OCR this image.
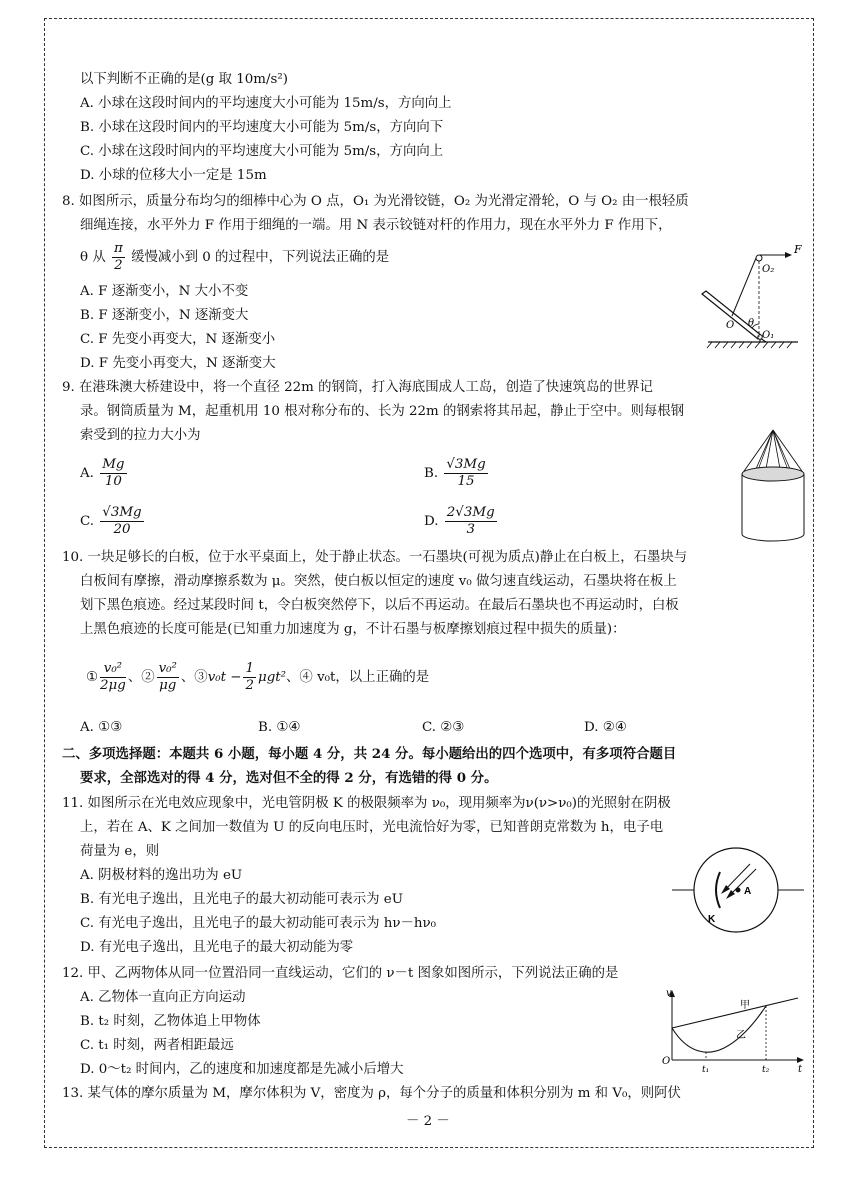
以下判断不正确的是(g 取 10m/s²)
A. 小球在这段时间内的平均速度大小可能为 15m/s，方向向上
B. 小球在这段时间内的平均速度大小可能为 5m/s，方向向下
C. 小球在这段时间内的平均速度大小可能为 5m/s，方向向上
D. 小球的位移大小一定是 15m
8. 如图所示，质量分布均匀的细棒中心为 O 点，O₁ 为光滑铰链，O₂ 为光滑定滑轮，O 与 O₂ 由一根轻质
细绳连接，水平外力 F 作用于细绳的一端。用 N 表示铰链对杆的作用力，现在水平外力 F 作用下，
θ 从 $\frac{\pi}{2}$ 缓慢减小到 0 的过程中，下列说法正确的是
A. F 逐渐变小，N 大小不变
B. F 逐渐变小，N 逐渐变大
C. F 先变小再变大，N 逐渐变小
D. F 先变小再变大，N 逐渐变大
F
O₂
O θ
O₁
9. 在港珠澳大桥建设中，将一个直径 22m 的钢筒，打入海底围成人工岛，创造了快速筑岛的世界记
录。钢筒质量为 M，起重机用 10 根对称分布的、长为 22m 的钢索将其吊起，静止于空中。则每根钢
索受到的拉力大小为
A. $\frac{Mg}{10}$	B. $\frac{√3Mg}{15}$
C. $\frac{√3Mg}{20}$	D. $\frac{2√3Mg}{3}$
10. 一块足够长的白板，位于水平桌面上，处于静止状态。一石墨块(可视为质点)静止在白板上，石墨块与
白板间有摩擦，滑动摩擦系数为 μ。突然，使白板以恒定的速度 v₀ 做匀速直线运动，石墨块将在板上
划下黑色痕迹。经过某段时间 t，令白板突然停下，以后不再运动。在最后石墨块也不再运动时，白板
上黑色痕迹的长度可能是(已知重力加速度为 g，不计石墨与板摩擦划痕过程中损失的质量)：
① $\frac{\text{v₀²}}{2\mu g}$ 、② $\frac{\text{v₀²}}{\mu g}$ 、③v₀t − $\frac{1}{2} \mu gt^2$、④ v₀t，以上正确的是
A. ①③	B. ①④	C. ②③	D. ②④
二、多项选择题：本题共 6 小题，每小题 4 分，共 24 分。每小题给出的四个选项中，有多项符合题目
要求，全部选对的得 4 分，选对但不全的得 2 分，有选错的得 0 分。
11. 如图所示在光电效应现象中，光电管阴极 K 的极限频率为 ν₀，现用频率为ν(ν>ν₀)的光照射在阴极
上，若在 A、K 之间加一数值为 U 的反向电压时，光电流恰好为零，已知普朗克常数为 h，电子电
荷量为 e，则
A. 阴极材料的逸出功为 eU
B. 有光电子逸出，且光电子的最大初动能可表示为 eU
C. 有光电子逸出，且光电子的最大初动能可表示为 hν－hν₀
D. 有光电子逸出，且光电子的最大初动能为零
A
K
12. 甲、乙两物体从同一位置沿同一直线运动，它们的 ν－t 图象如图所示，下列说法正确的是
A. 乙物体一直向正方向运动
B. t₂ 时刻，乙物体追上甲物体
C. t₁ 时刻，两者相距最远
D. 0～t₂ 时间内，乙的速度和加速度都是先减小后增大
v
甲
乙
O
t₁	t₂	t
13. 某气体的摩尔质量为 M，摩尔体积为 V，密度为 ρ，每个分子的质量和体积分别为 m 和 V₀，则阿伏
－ 2 －
